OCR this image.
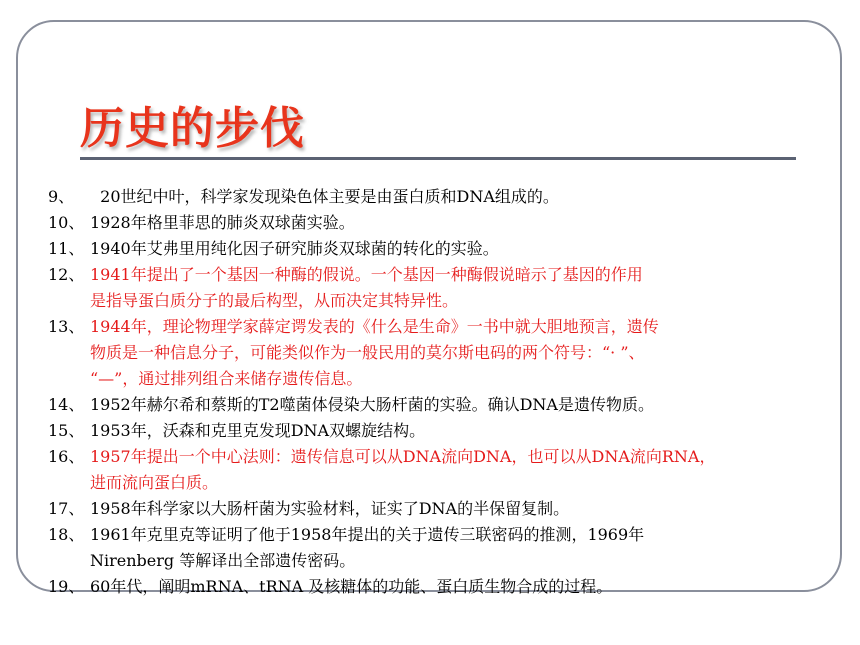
历史的步伐
9、 20世纪中叶，科学家发现染色体主要是由蛋白质和DNA组成的。
10、 1928年格里菲思的肺炎双球菌实验。
11、 1940年艾弗里用纯化因子研究肺炎双球菌的转化的实验。
12、 1941年提出了一个基因一种酶的假说。一个基因一种酶假说暗示了基因的作用
是指导蛋白质分子的最后构型，从而决定其特异性。
13、 1944年，理论物理学家薛定谔发表的《什么是生命》一书中就大胆地预言，遗传
物质是一种信息分子，可能类似作为一般民用的莫尔斯电码的两个符号：“· ”、
“—”，通过排列组合来储存遗传信息。
14、 1952年赫尔希和蔡斯的T2噬菌体侵染大肠杆菌的实验。确认DNA是遗传物质。
15、 1953年，沃森和克里克发现DNA双螺旋结构。
16、 1957年提出一个中心法则：遗传信息可以从DNA流向DNA，也可以从DNA流向RNA，
进而流向蛋白质。
17、 1958年科学家以大肠杆菌为实验材料，证实了DNA的半保留复制。
18、 1961年克里克等证明了他于1958年提出的关于遗传三联密码的推测，1969年
Nirenberg 等解译出全部遗传密码。
19、 60年代，阐明mRNA、tRNA 及核糖体的功能、蛋白质生物合成的过程。
